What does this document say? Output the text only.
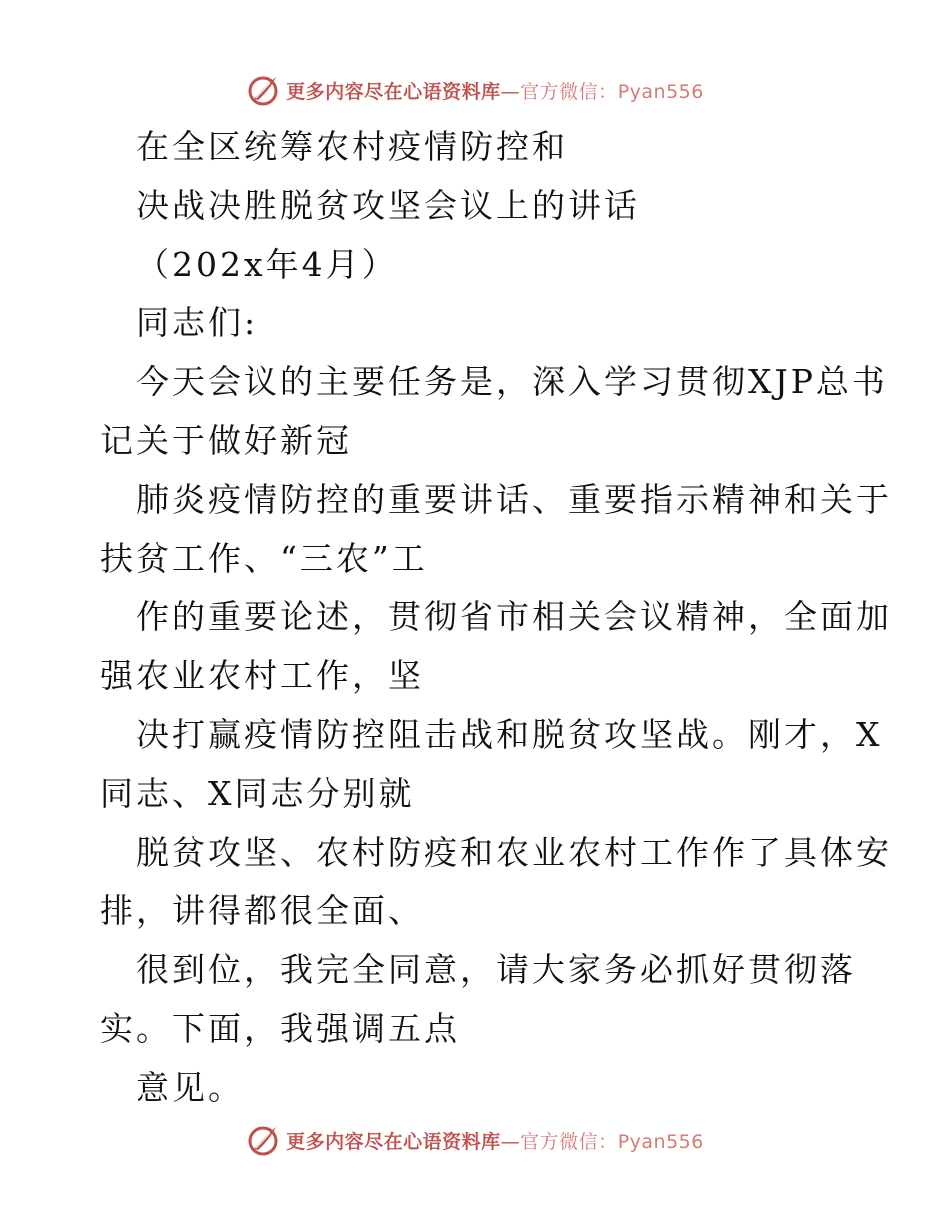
更多内容尽在心语资料库—官方微信：Pyan556
在全区统筹农村疫情防控和
决战决胜脱贫攻坚会议上的讲话
（202x年4月）
同志们:
今天会议的主要任务是，深入学习贯彻XJP总书
记关于做好新冠
肺炎疫情防控的重要讲话、重要指示精神和关于
扶贫工作、“三农”工
作的重要论述，贯彻省市相关会议精神，全面加
强农业农村工作，坚
决打赢疫情防控阻击战和脱贫攻坚战。刚才，X
同志、X同志分别就
脱贫攻坚、农村防疫和农业农村工作作了具体安
排，讲得都很全面、
很到位，我完全同意，请大家务必抓好贯彻落
实。下面，我强调五点
意见。
更多内容尽在心语资料库—官方微信：Pyan556
